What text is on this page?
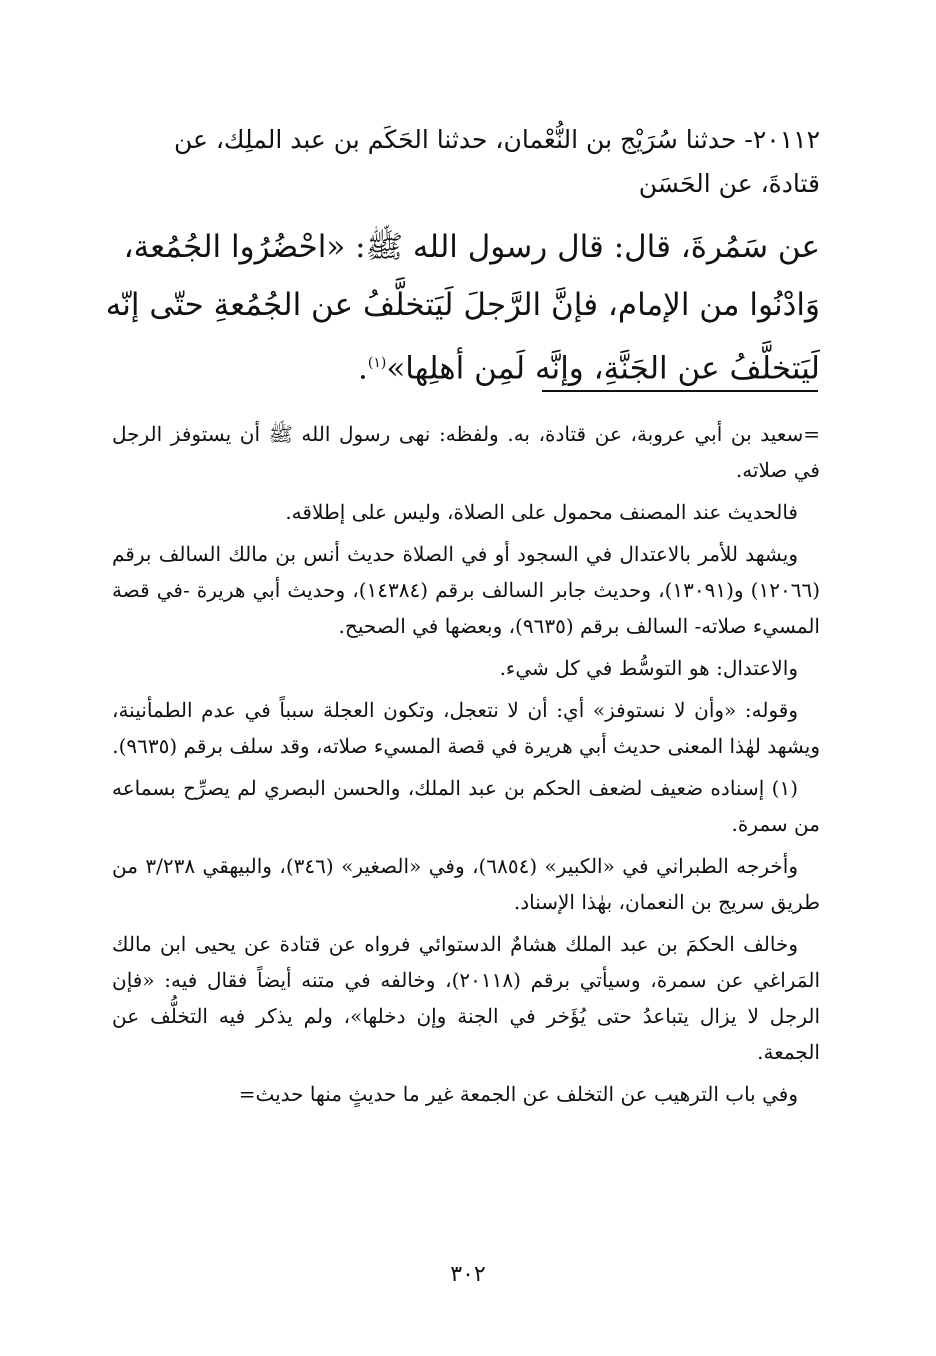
٢٠١١٢- حدثنا سُرَيْج بن النُّعْمان، حدثنا الحَكَم بن عبد الملِك، عن
قتادةَ، عن الحَسَن
عن سَمُرةَ، قال: قال رسول الله ﷺ: «احْضُرُوا الجُمُعة،
وَادْنُوا من الإمام، فإنَّ الرَّجلَ لَيَتخلَّفُ عن الجُمُعةِ حتّى إنّه
لَيَتخلَّفُ عن الجَنَّةِ، وإنَّه لَمِن أهلِها»$^{(١)}$.

=سعيد بن أبي عروبة، عن قتادة، به. ولفظه: نهى رسول الله ﷺ أن يستوفز الرجل في صلاته.

فالحديث عند المصنف محمول على الصلاة، وليس على إطلاقه.

ويشهد للأمر بالاعتدال في السجود أو في الصلاة حديث أنس بن مالك السالف برقم (١٢٠٦٦) و(١٣٠٩١)، وحديث جابر السالف برقم (١٤٣٨٤)، وحديث أبي هريرة -في قصة المسيء صلاته- السالف برقم (٩٦٣٥)، وبعضها في الصحيح.

والاعتدال: هو التوسُّط في كل شيء.

وقوله: «وأن لا نستوفز» أي: أن لا نتعجل، وتكون العجلة سبباً في عدم الطمأنينة، ويشهد لهٰذا المعنى حديث أبي هريرة في قصة المسيء صلاته، وقد سلف برقم (٩٦٣٥).

(١) إسناده ضعيف لضعف الحكم بن عبد الملك، والحسن البصري لم يصرِّح بسماعه من سمرة.

وأخرجه الطبراني في «الكبير» (٦٨٥٤)، وفي «الصغير» (٣٤٦)، والبيهقي ٣/٢٣٨ من طريق سريج بن النعمان، بهٰذا الإسناد.

وخالف الحكمَ بن عبد الملك هشامٌ الدستوائي فرواه عن قتادة عن يحيى ابن مالك المَراغي عن سمرة، وسيأتي برقم (٢٠١١٨)، وخالفه في متنه أيضاً فقال فيه: «فإن الرجل لا يزال يتباعدُ حتى يُؤَخر في الجنة وإن دخلها»، ولم يذكر فيه التخلُّف عن الجمعة.

وفي باب الترهيب عن التخلف عن الجمعة غير ما حديثٍ منها حديث=

٣٠٢
